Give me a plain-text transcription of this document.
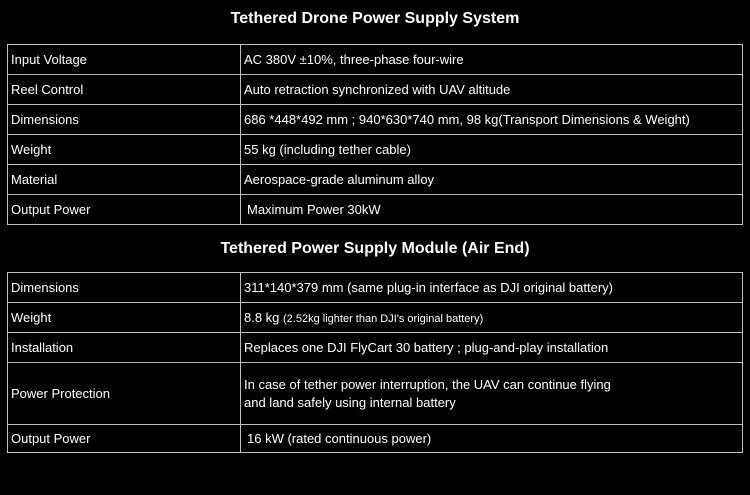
Tethered Drone Power Supply System
Input Voltage	AC 380V ±10%, three-phase four-wire
Reel Control	Auto retraction synchronized with UAV altitude
Dimensions	686 *448*492 mm ; 940*630*740 mm, 98 kg(Transport Dimensions & Weight)
Weight	55 kg (including tether cable)
Material	Aerospace-grade aluminum alloy
Output Power	Maximum Power 30kW
Tethered Power Supply Module (Air End)
Dimensions	311*140*379 mm (same plug-in interface as DJI original battery)
Weight	8.8 kg (2.52kg lighter than DJI's original battery)
Installation	Replaces one DJI FlyCart 30 battery ; plug-and-play installation
Power Protection	In case of tether power interruption, the UAV can continue flying
and land safely using internal battery
Output Power	16 kW (rated continuous power)
